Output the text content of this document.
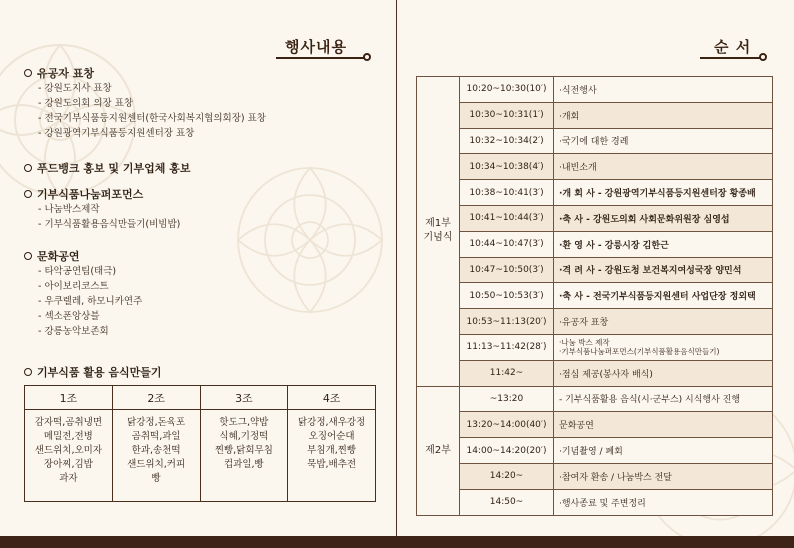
행사내용	순 서
유공자 표창
- 강원도지사 표창
- 강원도의회 의장 표창
- 전국기부식품등지원센터(한국사회복지협의회장) 표창
- 강원광역기부식품등지원센터장 표창
푸드뱅크 홍보 및 기부업체 홍보
기부식품나눔퍼포먼스
- 나눔박스제작
- 기부식품활용음식만들기(비빔밥)
문화공연
- 타악공연팀(태극)
- 아이보리코스트
- 우쿠렐레, 하모니카연주
- 섹소폰앙상블
- 강릉농악보존회
기부식품 활용 음식만들기
1조	2조	3조	4조

감자떡,곰취냉면
메밀전,전병
샌드위치,오미자
장아찌,김밥
과자	닭강정,돈육포
곰취떡,과일
한과,송천떡
샌드위치,커피
빵	핫도그,약밥
식혜,기정떡
찐빵,닭회무침
컵과일,빵	닭강정,새우강정
오징어순대
부침개,찐빵
묵밥,배추전
제1부
기념식	10:20~10:30(10′)	·식전행사
	10:30~10:31(1′)	·개회
	10:32~10:34(2′)	·국기에 대한 경례
	10:34~10:38(4′)	·내빈소개
	10:38~10:41(3′)	·개 회 사 - 강원광역기부식품등지원센터장 황종배
	10:41~10:44(3′)	·축 사 - 강원도의회 사회문화위원장 심영섭
	10:44~10:47(3′)	·환 영 사 - 강릉시장 김한근
	10:47~10:50(3′)	·격 려 사 - 강원도청 보건복지여성국장 양민석
	10:50~10:53(3′)	·축 사 - 전국기부식품등지원센터 사업단장 정외택
	10:53~11:13(20′)	·유공자 표창
	11:13~11:42(28′)	·나눔 박스 제작
·기부식품나눔퍼포먼스(기부식품활용음식만들기)

	11:42~	·점심 제공(봉사자 배식)

제2부	~13:20	- 기부식품활용 음식(시·군부스) 시식행사 진행
	13:20~14:00(40′)	문화공연
	14:00~14:20(20′)	·기념촬영 / 폐회
	14:20~	·참여자 환송 / 나눔박스 전달
	14:50~	·행사종료 및 주변정리
